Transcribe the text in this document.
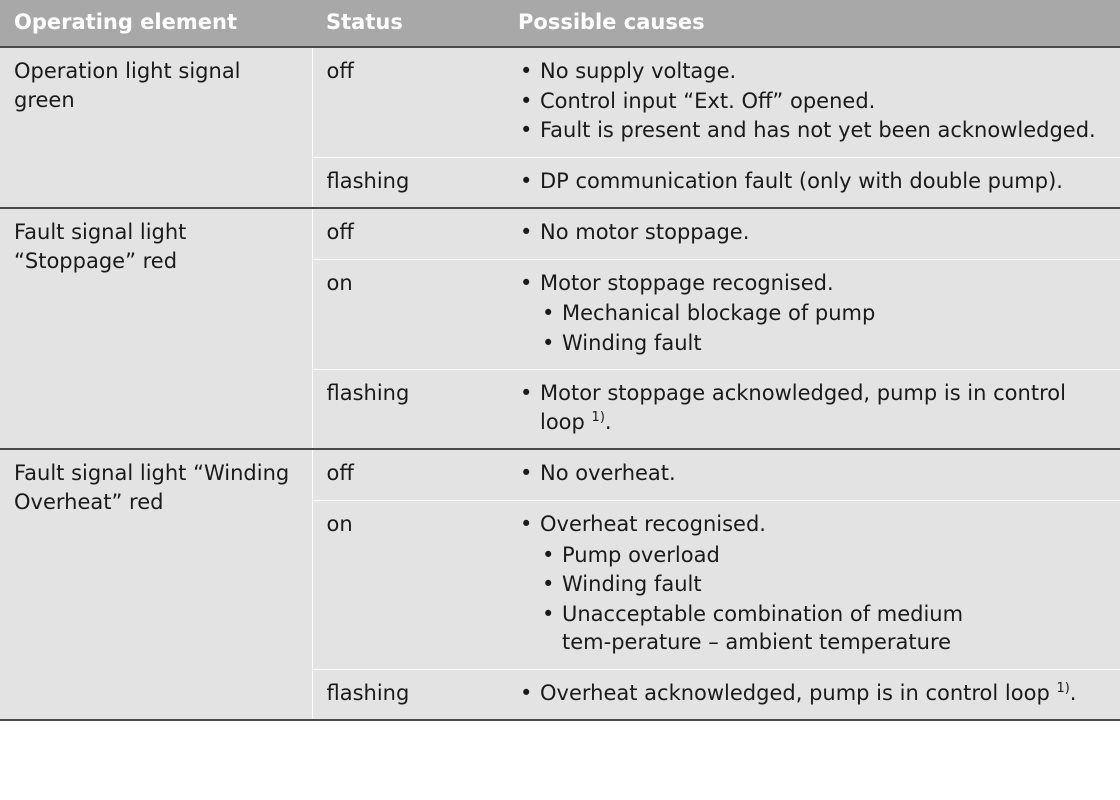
Operating element	Status	Possible causes
Operation light signal green	off	• No supply voltage.
• Control input “Ext. Off” opened.
• Fault is present and has not yet been acknowledged.

flashing	• DP communication fault (only with double pump).

Fault signal light “Stoppage” red	off	• No motor stoppage.

on	• Motor stoppage recognised.
• Mechanical blockage of pump
• Winding fault

flashing	• Motor stoppage acknowledged, pump is in control loop $^{1)}$.

Fault signal light “Winding Overheat” red	off	• No overheat.

on	• Overheat recognised.
• Pump overload
• Winding fault
• Unacceptable combination of medium tem‑perature – ambient temperature

flashing	• Overheat acknowledged, pump is in control loop $^{1)}$.
